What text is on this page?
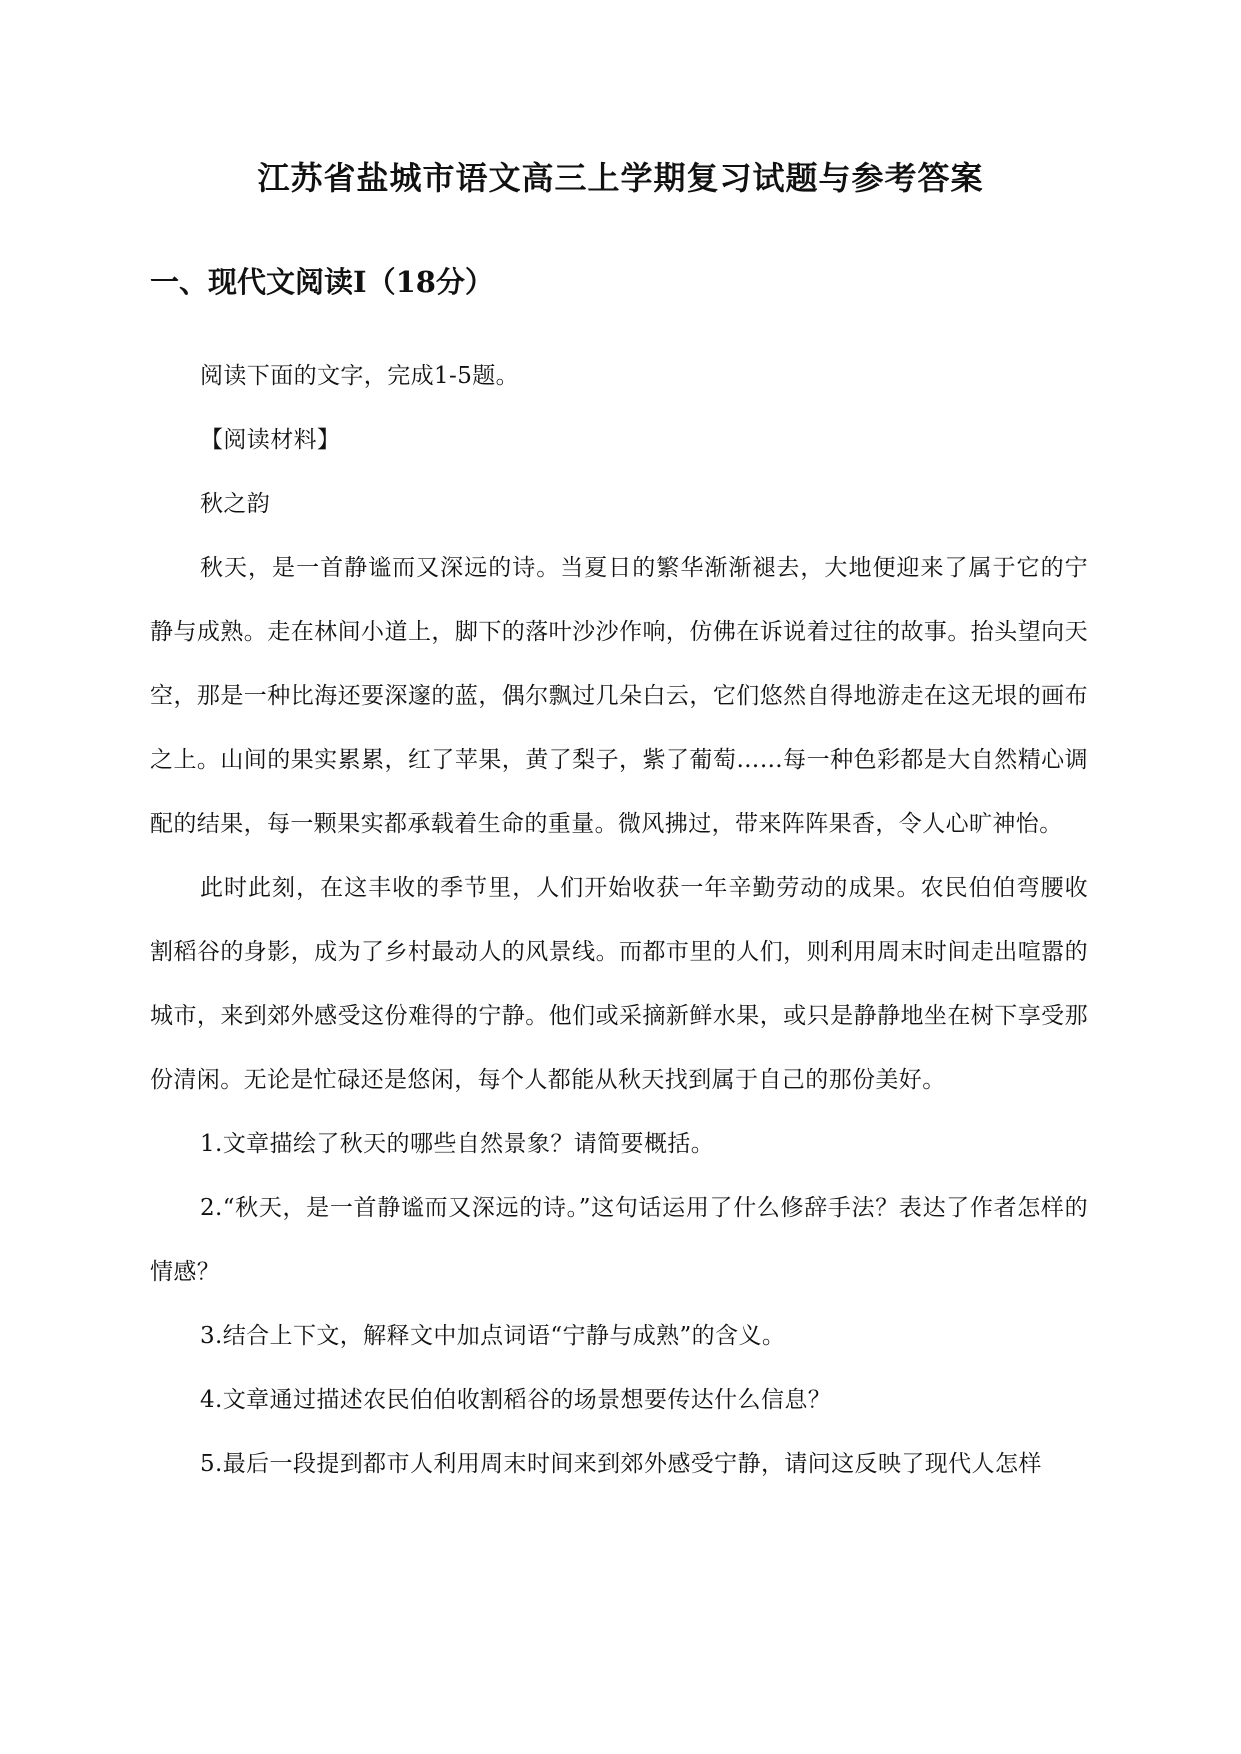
江苏省盐城市语文高三上学期复习试题与参考答案
一、现代文阅读Ⅰ（18分）

阅读下面的文字，完成1-5题。

【阅读材料】

秋之韵

秋天，是一首静谧而又深远的诗。当夏日的繁华渐渐褪去，大地便迎来了属于它的宁静与成熟。走在林间小道上，脚下的落叶沙沙作响，仿佛在诉说着过往的故事。抬头望向天空，那是一种比海还要深邃的蓝，偶尔飘过几朵白云，它们悠然自得地游走在这无垠的画布之上。山间的果实累累，红了苹果，黄了梨子，紫了葡萄……每一种色彩都是大自然精心调配的结果，每一颗果实都承载着生命的重量。微风拂过，带来阵阵果香，令人心旷神怡。

此时此刻，在这丰收的季节里，人们开始收获一年辛勤劳动的成果。农民伯伯弯腰收割稻谷的身影，成为了乡村最动人的风景线。而都市里的人们，则利用周末时间走出喧嚣的城市，来到郊外感受这份难得的宁静。他们或采摘新鲜水果，或只是静静地坐在树下享受那份清闲。无论是忙碌还是悠闲，每个人都能从秋天找到属于自己的那份美好。

1.文章描绘了秋天的哪些自然景象？请简要概括。

2.“秋天，是一首静谧而又深远的诗。”这句话运用了什么修辞手法？表达了作者怎样的情感？

3.结合上下文，解释文中加点词语“宁静与成熟”的含义。

4.文章通过描述农民伯伯收割稻谷的场景想要传达什么信息？

5.最后一段提到都市人利用周末时间来到郊外感受宁静，请问这反映了现代人怎样
